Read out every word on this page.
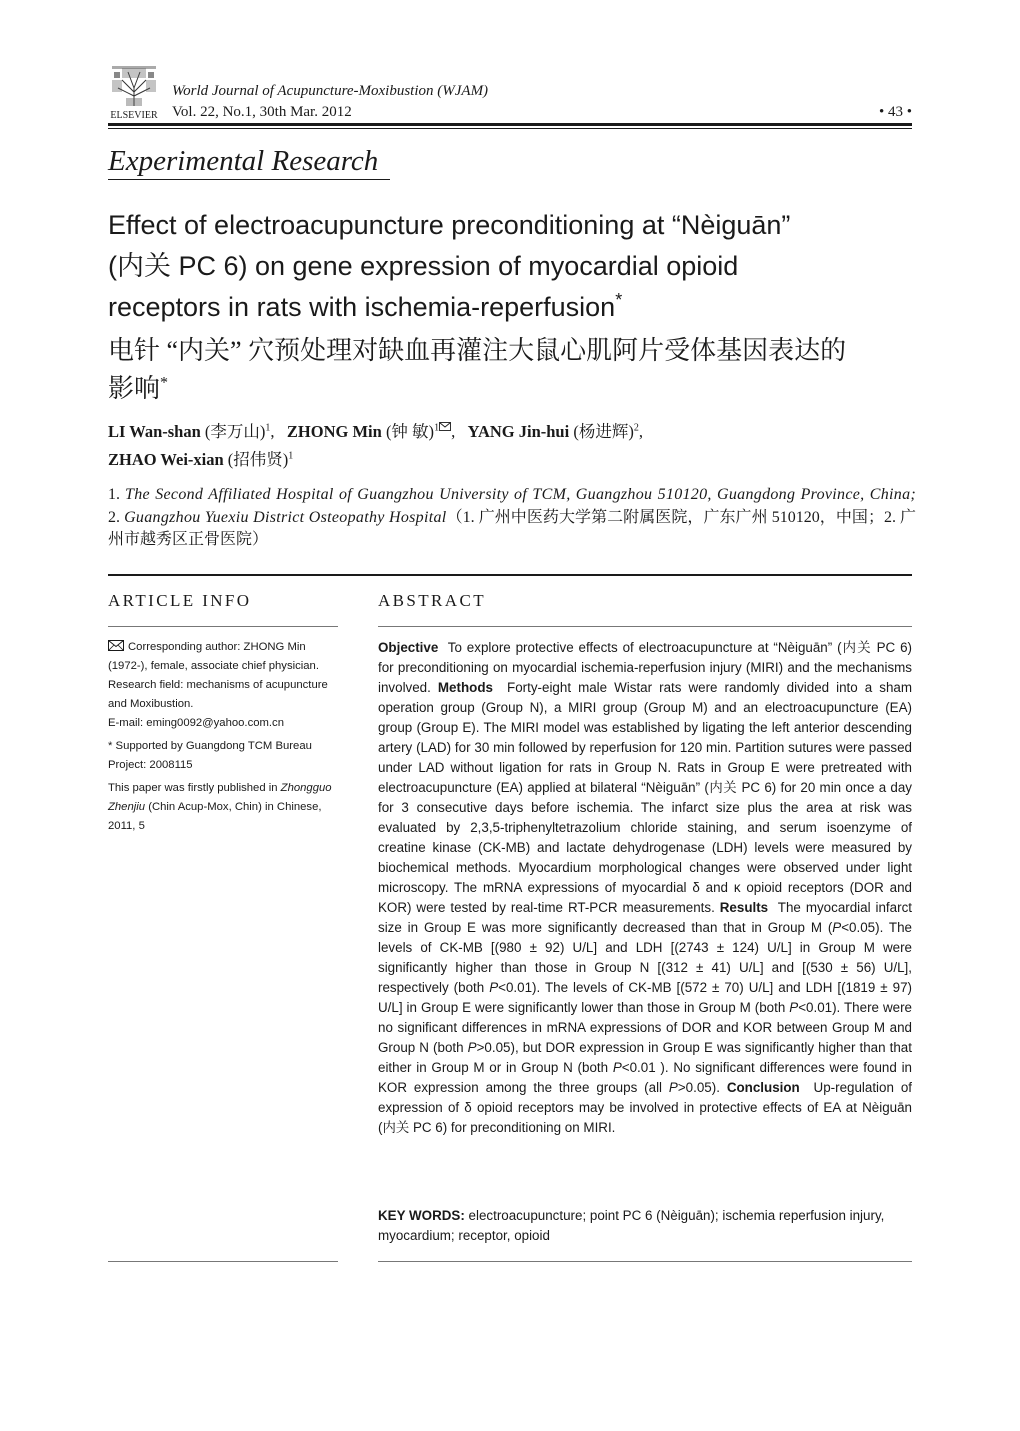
ELSEVIER
World Journal of Acupuncture-Moxibustion (WJAM)
Vol. 22, No.1, 30th Mar. 2012	• 43 •
Experimental Research
Effect of electroacupuncture preconditioning at “Nèiguān”
(内关 PC 6) on gene expression of myocardial opioid
receptors in rats with ischemia-reperfusion*
电针 “内关” 穴预处理对缺血再灌注大鼠心肌阿片受体基因表达的
影响*
LI Wan-shan (李万山)$^1$,   ZHONG Min (钟 敏)$^1$ ,   YANG Jin-hui (杨进辉)$^2$,
ZHAO Wei-xian (招伟贤)$^1$
1. The Second Affiliated Hospital of Guangzhou University of TCM, Guangzhou 510120, Guangdong Province, China; 2. Guangzhou Yuexiu District Osteopathy Hospital（1. 广州中医药大学第二附属医院，广东广州 510120，中国；2. 广州市越秀区正骨医院）
ARTICLE INFO	ABSTRACT

Corresponding author: ZHONG Min (1972-), female, associate chief physician. Research field: mechanisms of acupuncture and Moxibustion.
E-mail: eming0092@yahoo.com.cn

* Supported by Guangdong TCM Bureau Project: 2008115

This paper was firstly published in Zhongguo Zhenjiu (Chin Acup-Mox, Chin) in Chinese, 2011, 5

Objective To explore protective effects of electroacupuncture at “Nèiguān” (内关 PC 6) for preconditioning on myocardial ischemia-reperfusion injury (MIRI) and the mechanisms involved. Methods Forty-eight male Wistar rats were randomly divided into a sham operation group (Group N), a MIRI group (Group M) and an electroacupuncture (EA) group (Group E). The MIRI model was established by ligating the left anterior descending artery (LAD) for 30 min followed by reperfusion for 120 min. Partition sutures were passed under LAD without ligation for rats in Group N. Rats in Group E were pretreated with electroacupuncture (EA) applied at bilateral “Nèiguān” (内关 PC 6) for 20 min once a day for 3 consecutive days before ischemia. The infarct size plus the area at risk was evaluated by 2,3,5-triphenyltetrazolium chloride staining, and serum isoenzyme of creatine kinase (CK-MB) and lactate dehydrogenase (LDH) levels were measured by biochemical methods. Myocardium morphological changes were observed under light microscopy. The mRNA expressions of myocardial δ and κ opioid receptors (DOR and KOR) were tested by real-time RT-PCR measurements. Results The myocardial infarct size in Group E was more significantly decreased than that in Group M (P<0.05). The levels of CK-MB [(980 ± 92) U/L] and LDH [(2743 ± 124) U/L] in Group M were significantly higher than those in Group N [(312 ± 41) U/L] and [(530 ± 56) U/L], respectively (both P<0.01). The levels of CK-MB [(572 ± 70) U/L] and LDH [(1819 ± 97) U/L] in Group E were significantly lower than those in Group M (both P<0.01). There were no significant differences in mRNA expressions of DOR and KOR between Group M and Group N (both P>0.05), but DOR expression in Group E was significantly higher than that either in Group M or in Group N (both P<0.01 ). No significant differences were found in KOR expression among the three groups (all P>0.05). Conclusion Up-regulation of expression of δ opioid receptors may be involved in protective effects of EA at Nèiguān (内关 PC 6) for preconditioning on MIRI.

KEY WORDS: electroacupuncture; point PC 6 (Nèiguān); ischemia reperfusion injury, myocardium; receptor, opioid
